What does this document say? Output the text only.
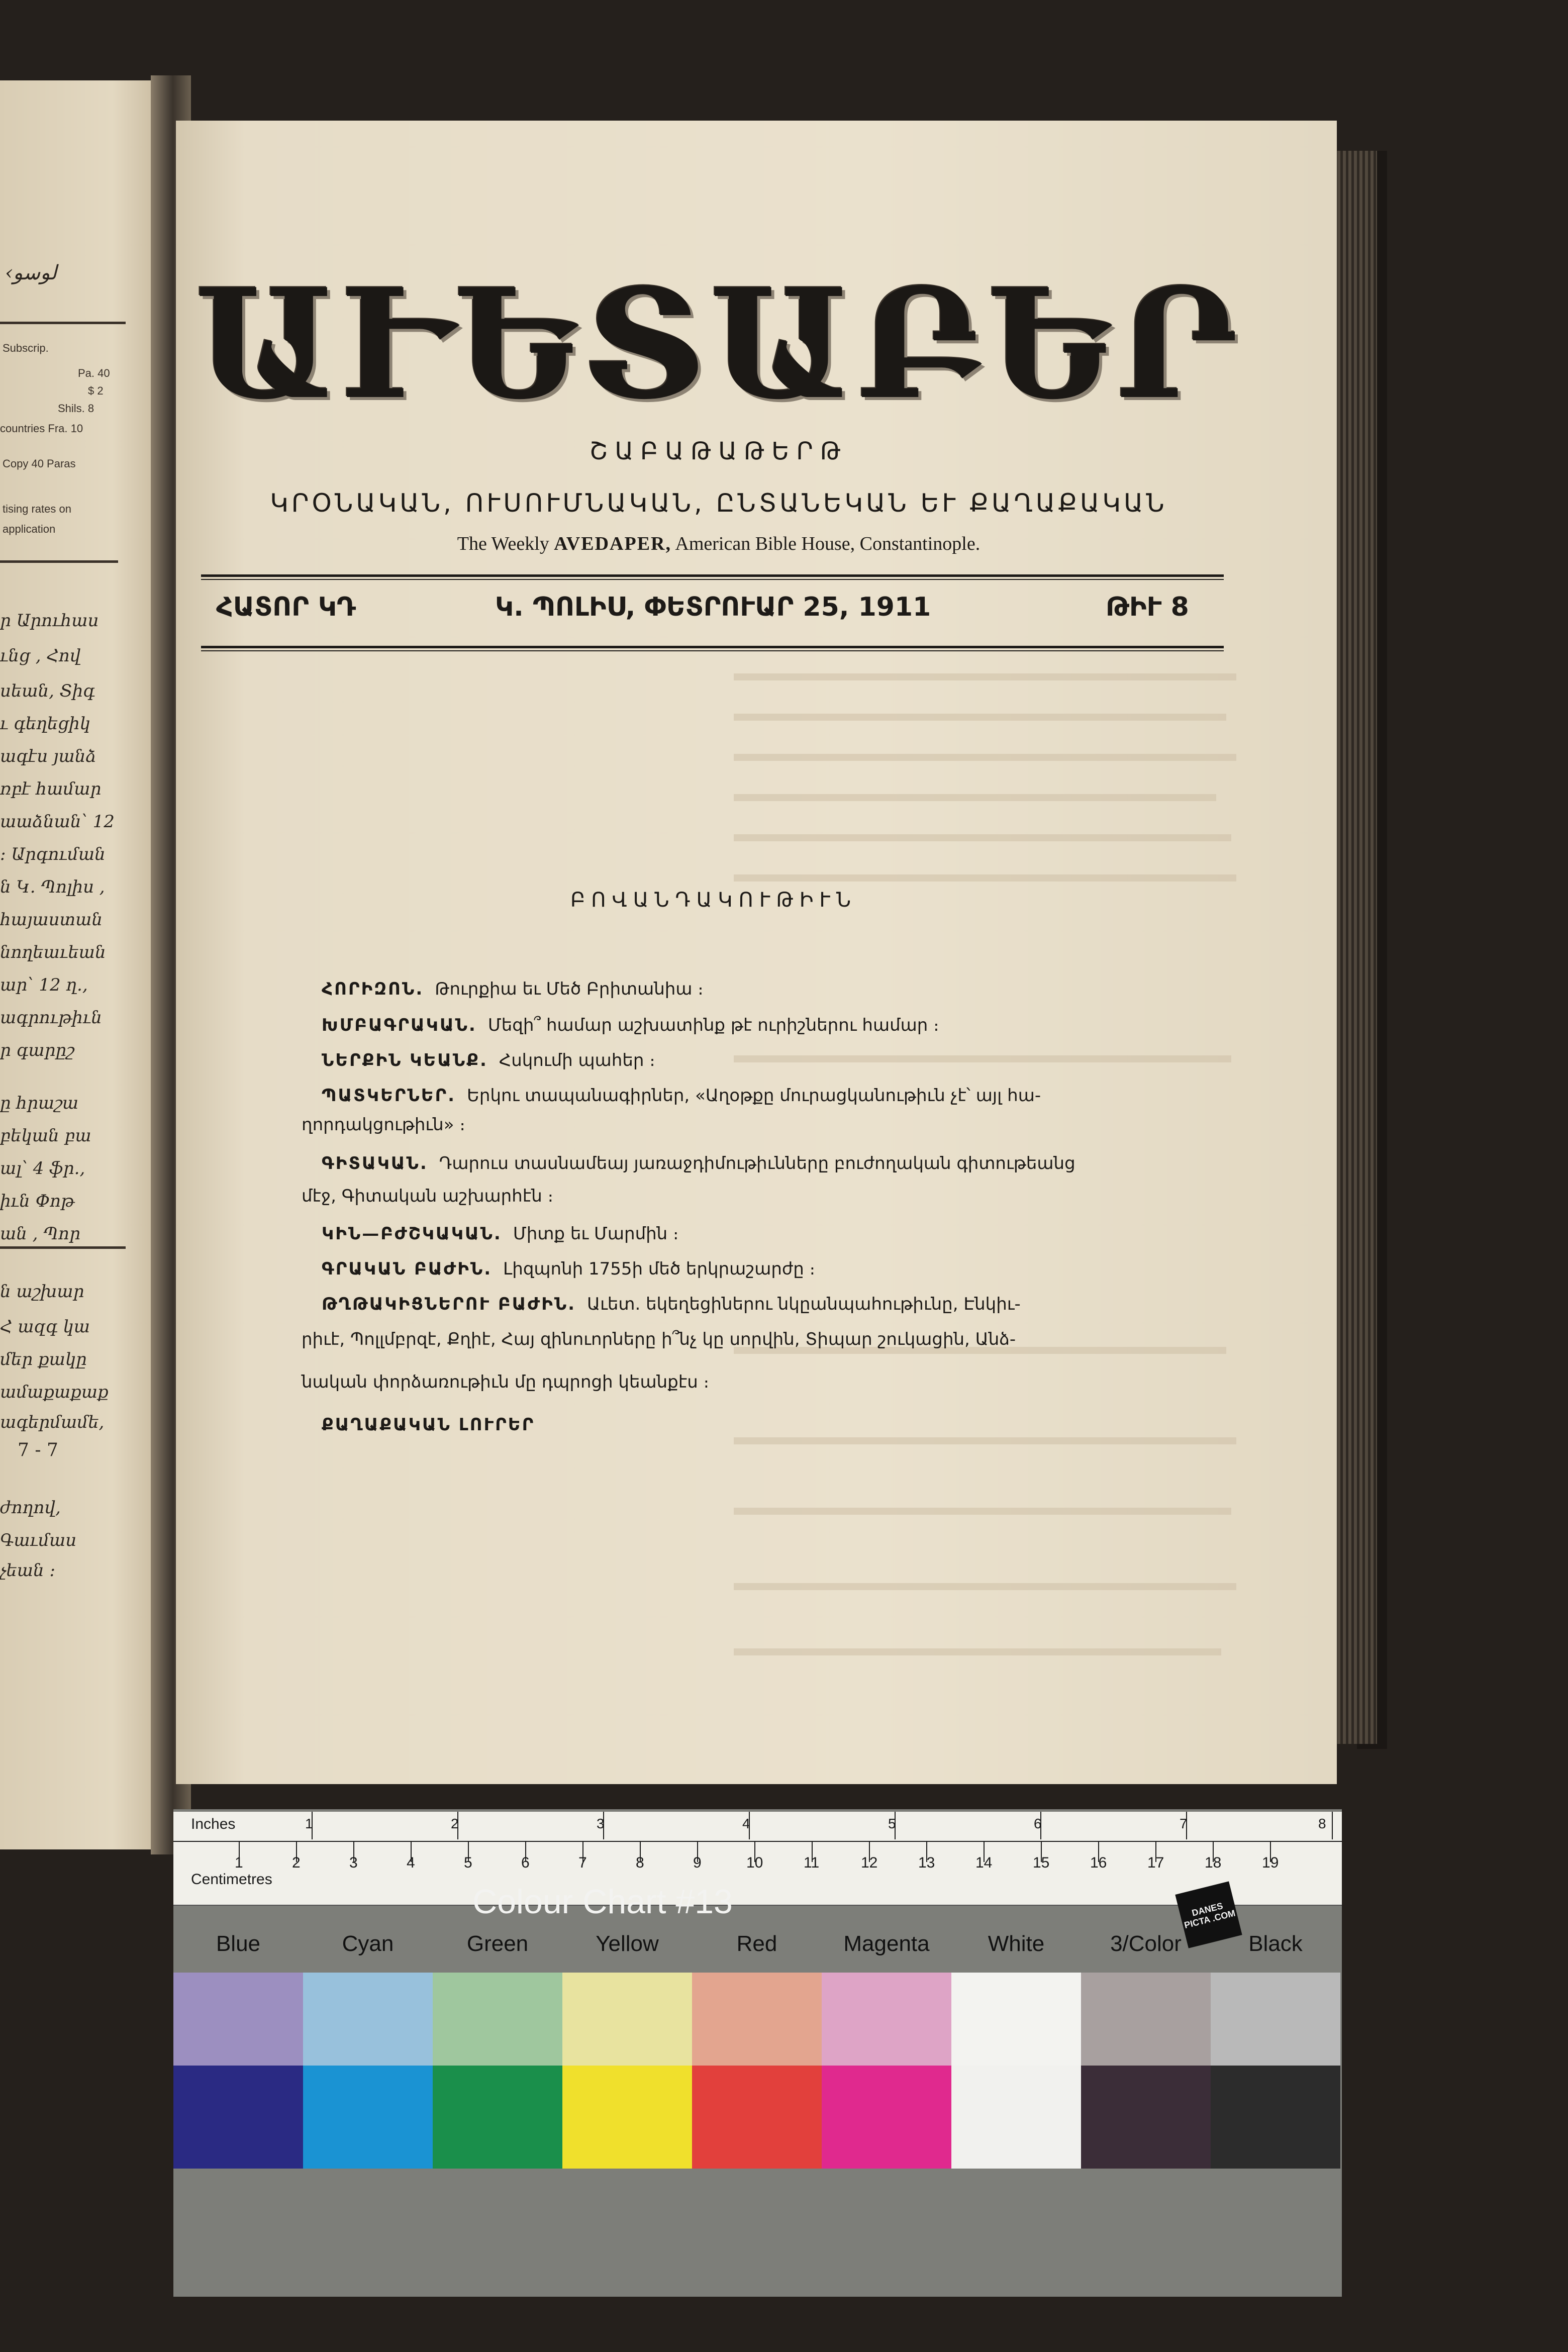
‹ﻟﻮﺳﻮ
Subscrip.
Pa. 40
$ 2
Shils. 8
countries Fra. 10
Copy 40 Paras
tising rates on
application
ր Արուհաս
ւնց , Հով
սեան, Տիգ
ւ գեղեցիկ
ագէս յանձ
ռբէ համար
աաձնան՝ 12
։ Արգուման
ն Կ. Պոլիս ,
հայաստան
նողեաւեան
ար՝ 12 ղ.,
ագրութիւն
ր գարըշ
ը հրաշա
բեկան բա
ալ՝ 4 ֆր.,
իւն Փոթ
ան , Պոր
ն աշխար
Հ ազգ կա
մեր քակը
ամաքաքաք
ագերմամե,
7 - 7
ժողով,
Գաւմաս
չեան ։
ԱՒԵՏԱԲԵՐ
ՇԱԲԱԹԱԹԵՐԹ
ԿՐՕՆԱԿԱՆ, ՈՒՍՈՒՄՆԱԿԱՆ, ԸՆՏԱՆԵԿԱՆ ԵՒ ՔԱՂԱՔԱԿԱՆ
The Weekly AVEDAPER, American Bible House, Constantinople.
ՀԱՏՈՐ ԿԴ	Կ. ՊՈԼԻՍ, ՓԵՏՐՈՒԱՐ 25, 1911	ԹԻՒ 8
ԲՈՎԱՆԴԱԿՈՒԹԻՒՆ
ՀՈՐԻԶՈՆ. Թուրքիա եւ Մեծ Բրիտանիա ։
ԽՄԲԱԳՐԱԿԱՆ. Մեզի՞ համար աշխատինք թէ ուրիշներու համար ։
ՆԵՐՔԻՆ ԿԵԱՆՔ. Հսկումի պահեր ։
ՊԱՏԿԵՐՆԵՐ. Երկու տապանագիրներ, «Աղօթքը մուրացկանութիւն չէ՝ այլ հա-
ղորդակցութիւն» ։
ԳԻՏԱԿԱՆ. Դարուս տասնամեայ յառաջդիմութիւնները բուժողական գիտութեանց
մէջ, Գիտական աշխարհէն ։
ԿԻՆ—ԲԺՇԿԱԿԱՆ. Միտք եւ Մարմին ։
ԳՐԱԿԱՆ ԲԱԺԻՆ. Լիզպոնի 1755ի մեծ երկրաշարժը ։
ԹՂԹԱԿԻՑՆԵՐՈՒ ԲԱԺԻՆ. Աւետ. եկեղեցիներու նկըանպահութիւնը, Էնկիւ-
րիւէ, Պոլլմբրզէ, Քղիէ, Հայ զինուորները ի՞նչ կը սորվին, Տիպար շուկացին, Անձ-
նական փորձառութիւն մը դպրոցի կեանքէս ։
ՔԱՂԱՔԱԿԱՆ ԼՈՒՐԵՐ
Inches
Centimetres
1	2	3	4	5	6	7	8
1	2	3	4	5	6	7	8	9	10	11	12	13	14	15	16	17	18	19
Colour Chart #13	DANES PICTA .COM
Blue	Cyan	Green	Yellow	Red	Magenta	White	3/Color	Black
